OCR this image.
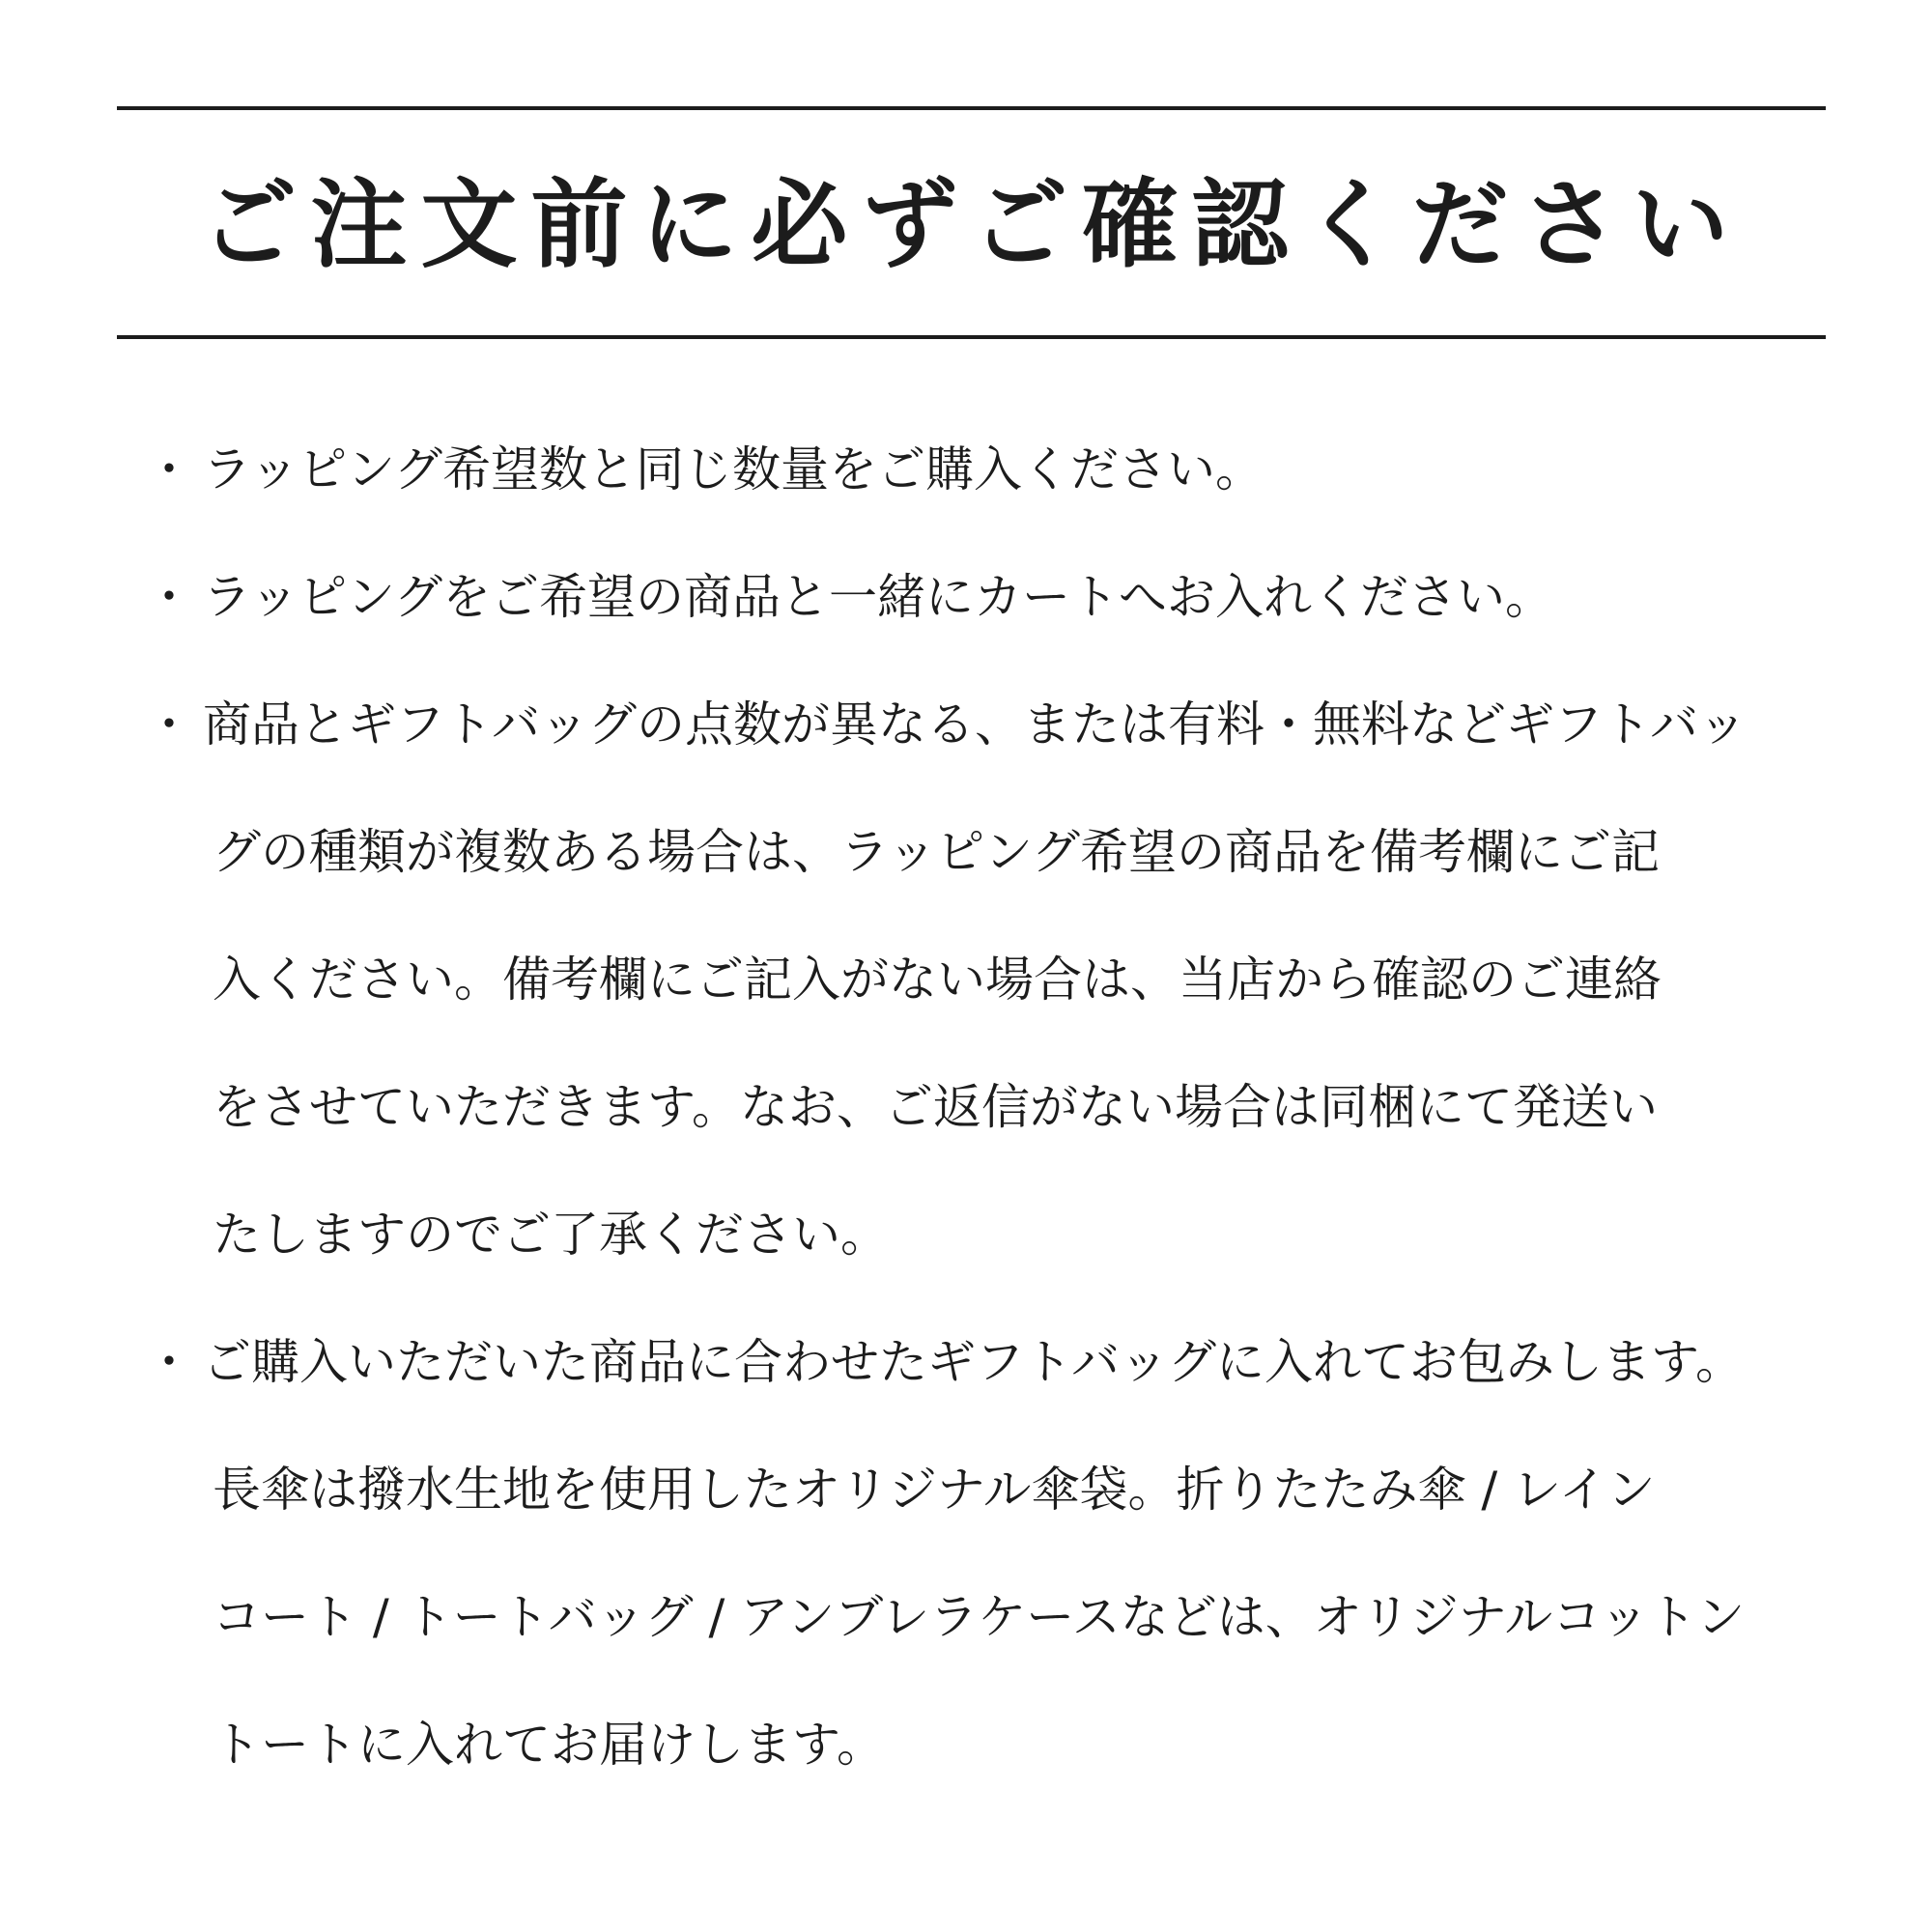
ご注文前に必ずご確認ください
・ ラッピング希望数と同じ数量をご購入ください。
・ ラッピングをご希望の商品と一緒にカートへお入れください。
・ 商品とギフトバッグの点数が異なる、または有料・無料などギフトバッ
グの種類が複数ある場合は、ラッピング希望の商品を備考欄にご記
入ください。備考欄にご記入がない場合は、当店から確認のご連絡
をさせていただきます。なお、ご返信がない場合は同梱にて発送い
たしますのでご了承ください。
・ ご購入いただいた商品に合わせたギフトバッグに入れてお包みします。
長傘は撥水生地を使用したオリジナル傘袋。折りたたみ傘 / レイン
コート / トートバッグ / アンブレラケースなどは、オリジナルコットン
トートに入れてお届けします。
